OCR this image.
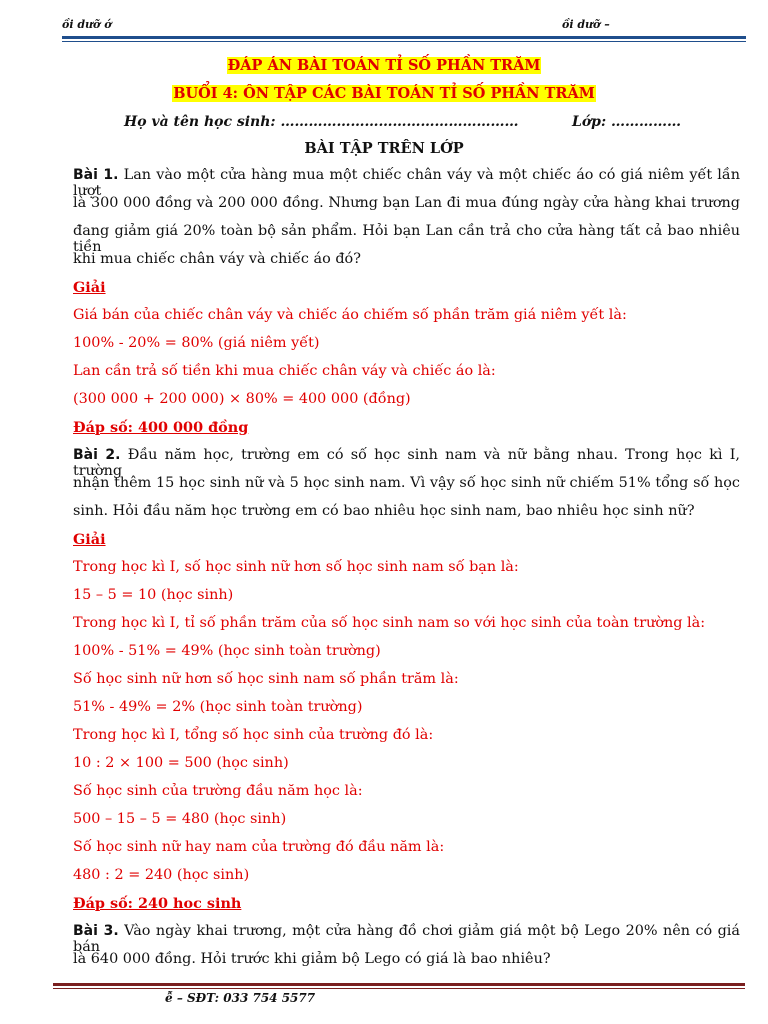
ồi dưỡ ớ	ồi dưỡ –
ĐÁP ÁN BÀI TOÁN TỈ SỐ PHẦN TRĂM
BUỔI 4: ÔN TẬP CÁC BÀI TOÁN TỈ SỐ PHẦN TRĂM
Họ và tên học sinh: ……………………………………………	Lớp: ……………
BÀI TẬP TRÊN LỚP
Bài 1. Lan vào một cửa hàng mua một chiếc chân váy và một chiếc áo có giá niêm yết lần lượt
là 300 000 đồng và 200 000 đồng. Nhưng bạn Lan đi mua đúng ngày cửa hàng khai trương
đang giảm giá 20% toàn bộ sản phẩm. Hỏi bạn Lan cần trả cho cửa hàng tất cả bao nhiêu tiền
khi mua chiếc chân váy và chiếc áo đó?
Giải
Giá bán của chiếc chân váy và chiếc áo chiếm số phần trăm giá niêm yết là:
100% - 20% = 80% (giá niêm yết)
Lan cần trả số tiền khi mua chiếc chân váy và chiếc áo là:
(300 000 + 200 000) × 80% = 400 000 (đồng)
Đáp số: 400 000 đồng
Bài 2. Đầu năm học, trường em có số học sinh nam và nữ bằng nhau. Trong học kì I, trường
nhận thêm 15 học sinh nữ và 5 học sinh nam. Vì vậy số học sinh nữ chiếm 51% tổng số học
sinh. Hỏi đầu năm học trường em có bao nhiêu học sinh nam, bao nhiêu học sinh nữ?
Giải
Trong học kì I, số học sinh nữ hơn số học sinh nam số bạn là:
15 – 5 = 10 (học sinh)
Trong học kì I, tỉ số phần trăm của số học sinh nam so với học sinh của toàn trường là:
100% - 51% = 49% (học sinh toàn trường)
Số học sinh nữ hơn số học sinh nam số phần trăm là:
51% - 49% = 2% (học sinh toàn trường)
Trong học kì I, tổng số học sinh của trường đó là:
10 : 2 × 100 = 500 (học sinh)
Số học sinh của trường đầu năm học là:
500 – 15 – 5 = 480 (học sinh)
Số học sinh nữ hay nam của trường đó đầu năm là:
480 : 2 = 240 (học sinh)
Đáp số: 240 hoc sinh
Bài 3. Vào ngày khai trương, một cửa hàng đồ chơi giảm giá một bộ Lego 20% nên có giá bán
là 640 000 đồng. Hỏi trước khi giảm bộ Lego có giá là bao nhiêu?
ễ – SĐT: 033 754 5577
